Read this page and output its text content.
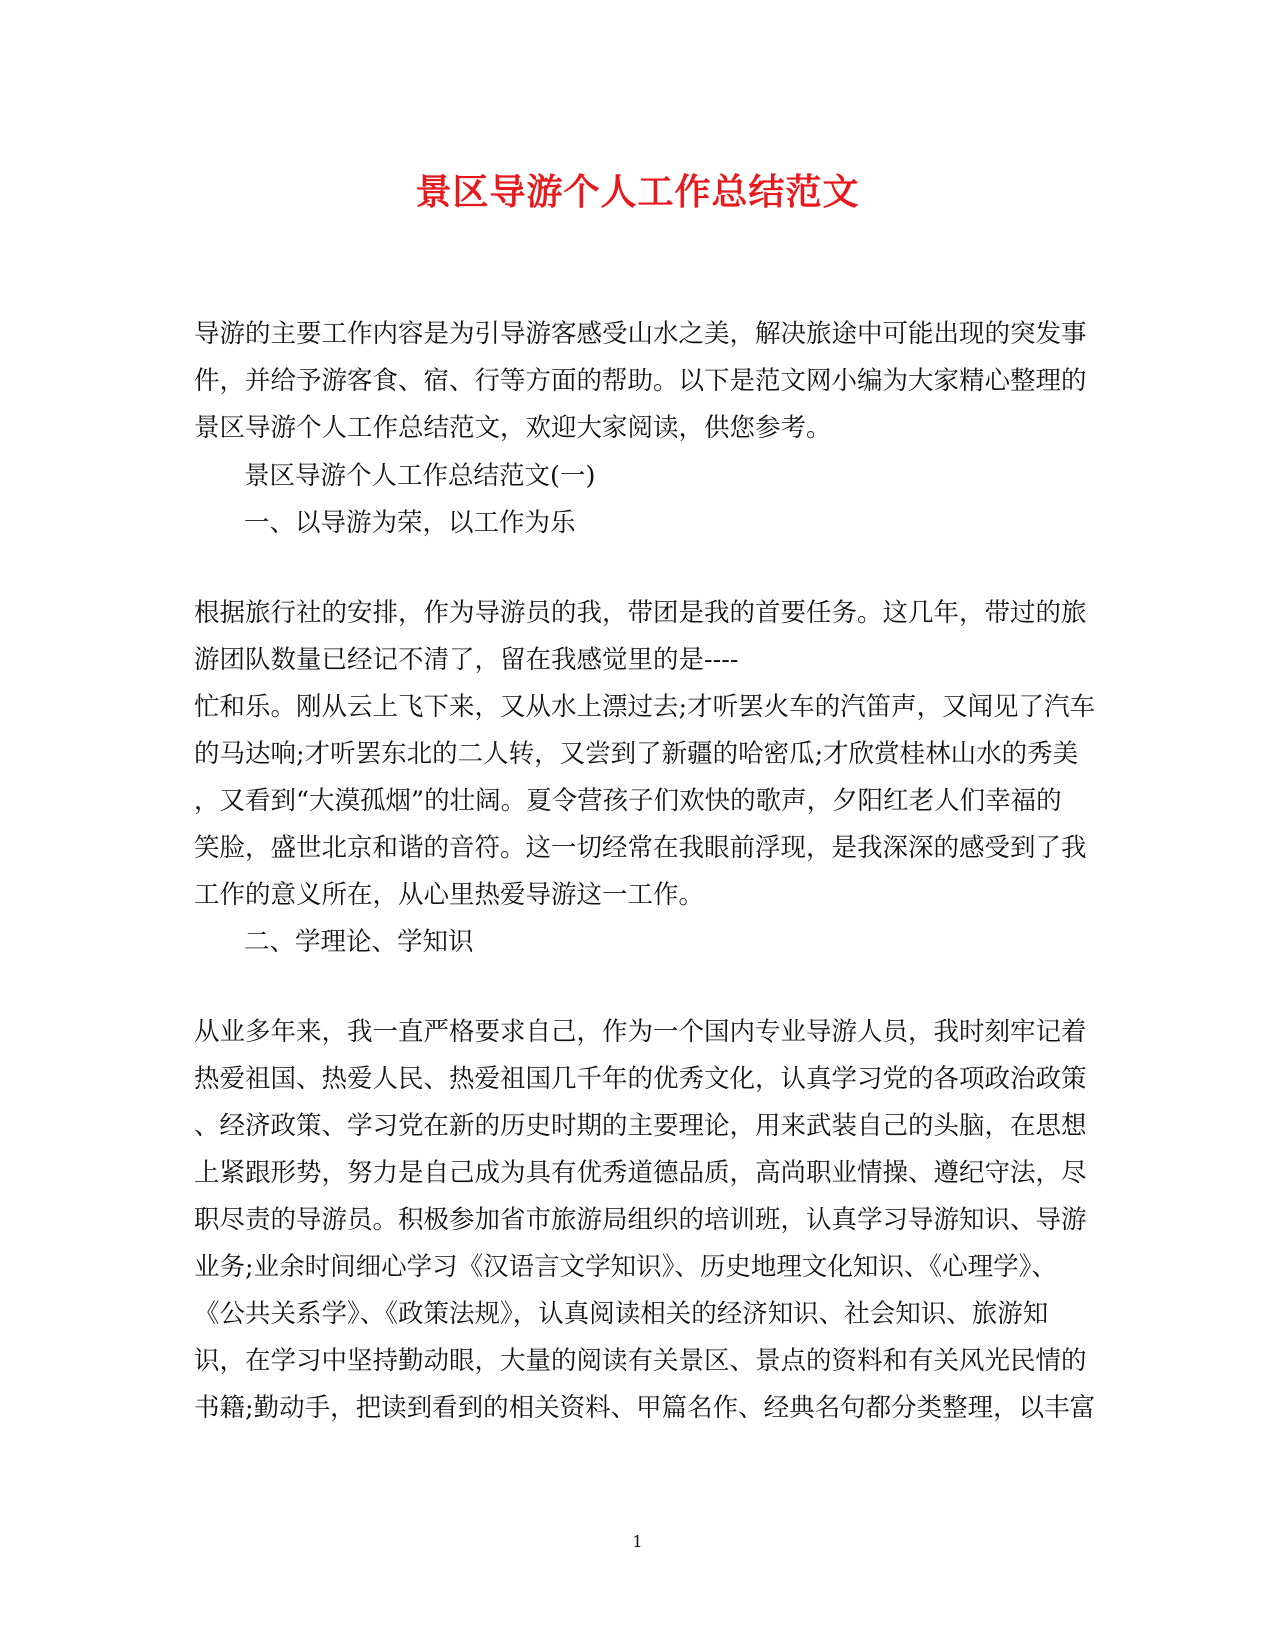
景区导游个人工作总结范文
导游的主要工作内容是为引导游客感受山水之美，解决旅途中可能出现的突发事
件，并给予游客食、宿、行等方面的帮助。以下是范文网小编为大家精心整理的
景区导游个人工作总结范文，欢迎大家阅读，供您参考。
景区导游个人工作总结范文(一)
一、以导游为荣，以工作为乐
根据旅行社的安排，作为导游员的我，带团是我的首要任务。这几年，带过的旅
游团队数量已经记不清了，留在我感觉里的是----
忙和乐。刚从云上飞下来，又从水上漂过去;才听罢火车的汽笛声，又闻见了汽车
的马达响;才听罢东北的二人转，又尝到了新疆的哈密瓜;才欣赏桂林山水的秀美
，又看到“大漠孤烟”的壮阔。夏令营孩子们欢快的歌声，夕阳红老人们幸福的
笑脸，盛世北京和谐的音符。这一切经常在我眼前浮现，是我深深的感受到了我
工作的意义所在，从心里热爱导游这一工作。
二、学理论、学知识
从业多年来，我一直严格要求自己，作为一个国内专业导游人员，我时刻牢记着
热爱祖国、热爱人民、热爱祖国几千年的优秀文化，认真学习党的各项政治政策
、经济政策、学习党在新的历史时期的主要理论，用来武装自己的头脑，在思想
上紧跟形势，努力是自己成为具有优秀道德品质，高尚职业情操、遵纪守法，尽
职尽责的导游员。积极参加省市旅游局组织的培训班，认真学习导游知识、导游
业务;业余时间细心学习《汉语言文学知识》、历史地理文化知识、《心理学》、
《公共关系学》、《政策法规》，认真阅读相关的经济知识、社会知识、旅游知
识，在学习中坚持勤动眼，大量的阅读有关景区、景点的资料和有关风光民情的
书籍;勤动手，把读到看到的相关资料、甲篇名作、经典名句都分类整理，以丰富
1
